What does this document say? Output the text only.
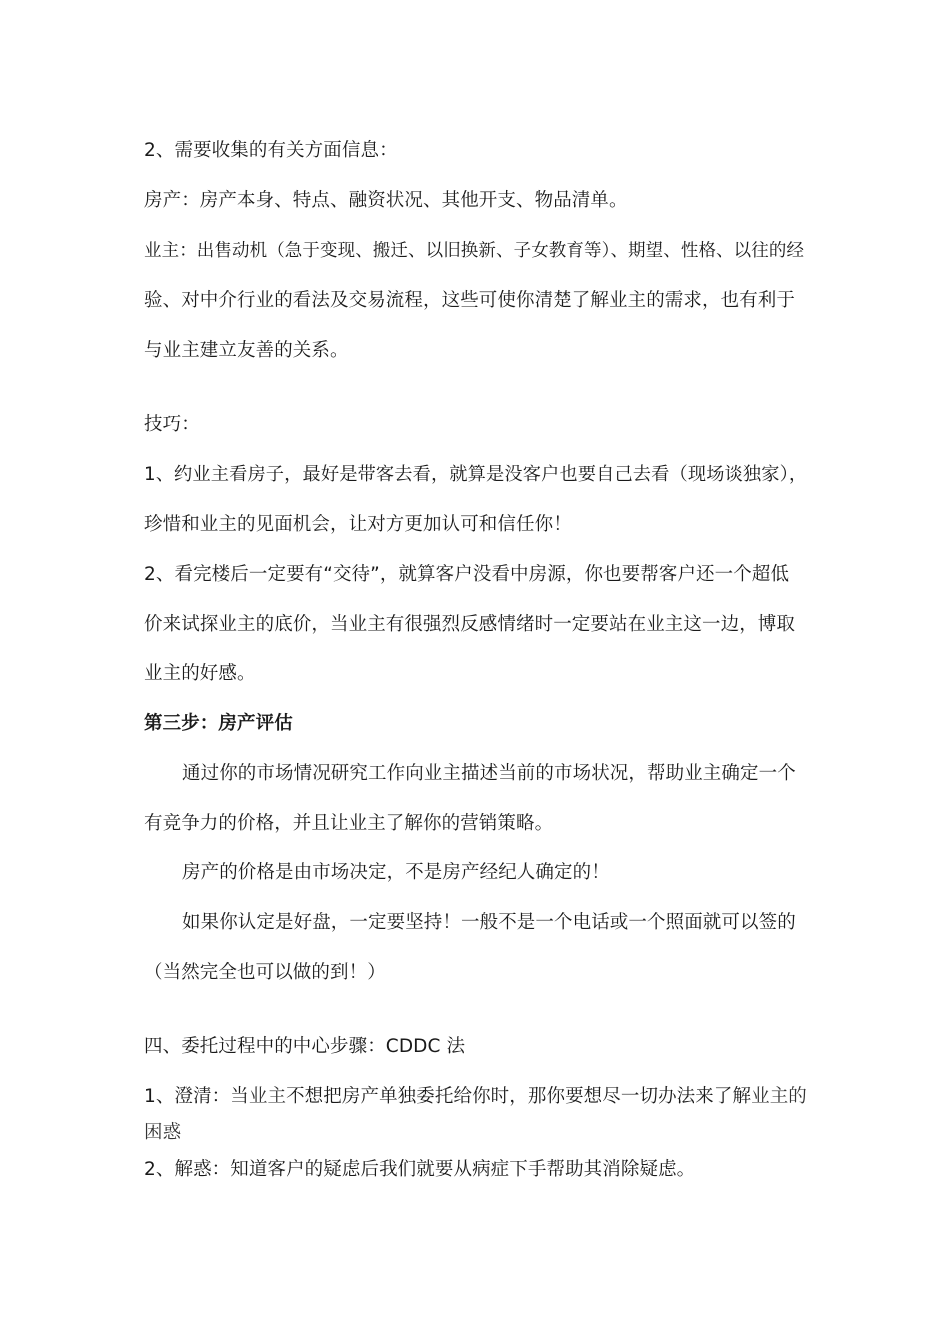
2、需要收集的有关方面信息：

房产：房产本身、特点、融资状况、其他开支、物品清单。

业主：出售动机（急于变现、搬迁、以旧换新、子女教育等）、期望、性格、以往的经

验、对中介行业的看法及交易流程，这些可使你清楚了解业主的需求，也有利于

与业主建立友善的关系。

技巧：

1、约业主看房子，最好是带客去看，就算是没客户也要自己去看（现场谈独家），

珍惜和业主的见面机会，让对方更加认可和信任你！

2、看完楼后一定要有“交待”，就算客户没看中房源，你也要帮客户还一个超低

价来试探业主的底价，当业主有很强烈反感情绪时一定要站在业主这一边，博取

业主的好感。

第三步：房产评估

通过你的市场情况研究工作向业主描述当前的市场状况，帮助业主确定一个

有竞争力的价格，并且让业主了解你的营销策略。

房产的价格是由市场决定，不是房产经纪人确定的！

如果你认定是好盘，一定要坚持！一般不是一个电话或一个照面就可以签的

（当然完全也可以做的到！）

四、委托过程中的中心步骤：CDDC 法

1、澄清：当业主不想把房产单独委托给你时，那你要想尽一切办法来了解业主的

困惑

2、解惑：知道客户的疑虑后我们就要从病症下手帮助其消除疑虑。
